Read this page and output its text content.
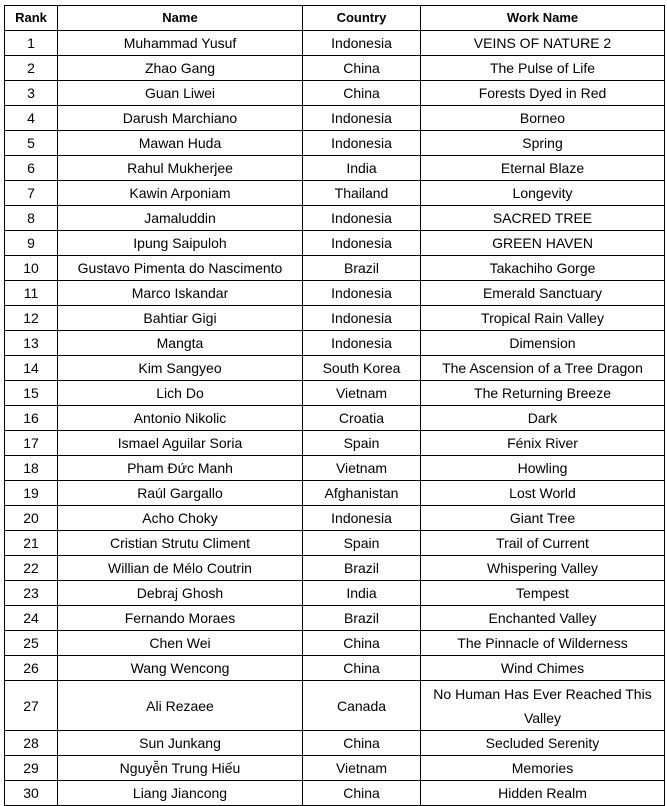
Rank	Name	Country	Work Name
1	Muhammad Yusuf	Indonesia	VEINS OF NATURE 2
2	Zhao Gang	China	The Pulse of Life
3	Guan Liwei	China	Forests Dyed in Red
4	Darush Marchiano	Indonesia	Borneo
5	Mawan Huda	Indonesia	Spring
6	Rahul Mukherjee	India	Eternal Blaze
7	Kawin Arponiam	Thailand	Longevity
8	Jamaluddin	Indonesia	SACRED TREE
9	Ipung Saipuloh	Indonesia	GREEN HAVEN
10	Gustavo Pimenta do Nascimento	Brazil	Takachiho Gorge
11	Marco Iskandar	Indonesia	Emerald Sanctuary
12	Bahtiar Gigi	Indonesia	Tropical Rain Valley
13	Mangta	Indonesia	Dimension
14	Kim Sangyeo	South Korea	The Ascension of a Tree Dragon
15	Lich Do	Vietnam	The Returning Breeze
16	Antonio Nikolic	Croatia	Dark
17	Ismael Aguilar Soria	Spain	Fénix River
18	Pham Đức Manh	Vietnam	Howling
19	Raúl Gargallo	Afghanistan	Lost World
20	Acho Choky	Indonesia	Giant Tree
21	Cristian Strutu Climent	Spain	Trail of Current
22	Willian de Mélo Coutrin	Brazil	Whispering Valley
23	Debraj Ghosh	India	Tempest
24	Fernando Moraes	Brazil	Enchanted Valley
25	Chen Wei	China	The Pinnacle of Wilderness
26	Wang Wencong	China	Wind Chimes
27	Ali Rezaee	Canada	No Human Has Ever Reached This Valley
28	Sun Junkang	China	Secluded Serenity
29	Nguyễn Trung Hiếu	Vietnam	Memories
30	Liang Jiancong	China	Hidden Realm
